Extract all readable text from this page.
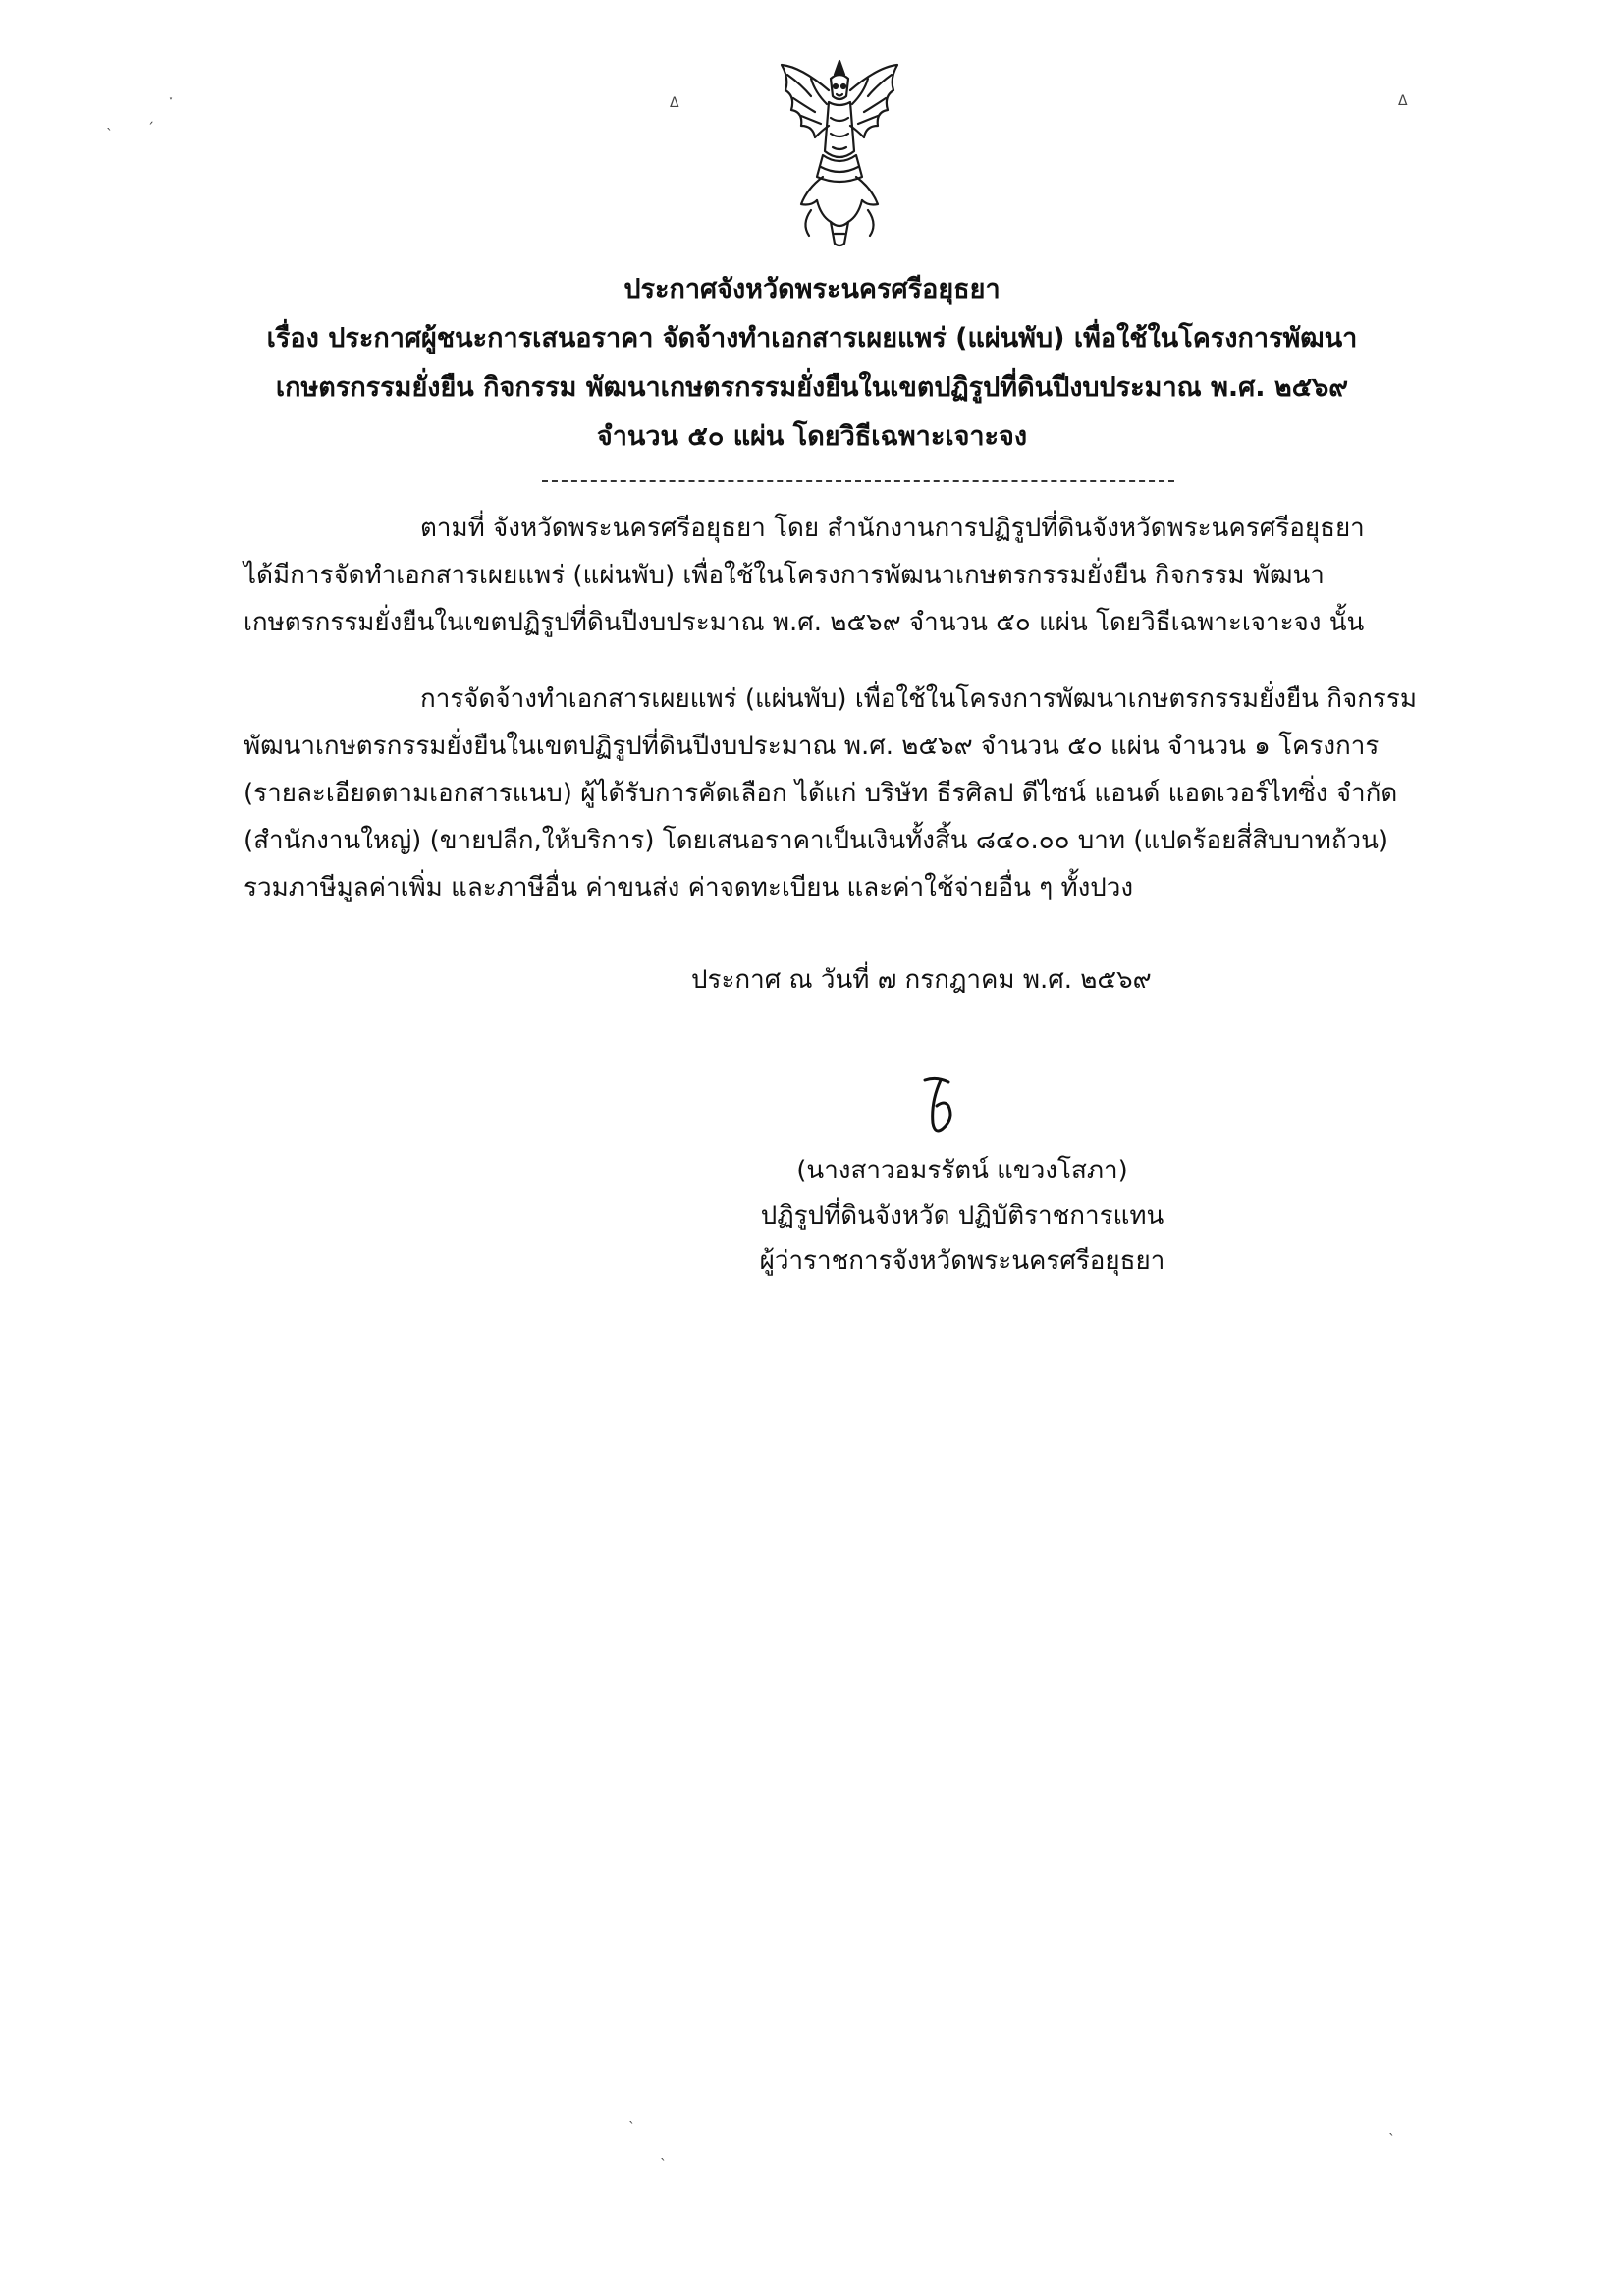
ˎ	ˏ
ˑ	ᐃ	ᐃ
ˎ
ˎ
ˎ
ประกาศจังหวัดพระนครศรีอยุธยา
เรื่อง ประกาศผู้ชนะการเสนอราคา จัดจ้างทำเอกสารเผยแพร่ (แผ่นพับ) เพื่อใช้ในโครงการพัฒนา
เกษตรกรรมยั่งยืน กิจกรรม พัฒนาเกษตรกรรมยั่งยืนในเขตปฏิรูปที่ดินปีงบประมาณ พ.ศ. ๒๕๖๙
จำนวน ๕๐ แผ่น โดยวิธีเฉพาะเจาะจง
ตามที่ จังหวัดพระนครศรีอยุธยา โดย สำนักงานการปฏิรูปที่ดินจังหวัดพระนครศรีอยุธยา
ได้มีการจัดทำเอกสารเผยแพร่ (แผ่นพับ) เพื่อใช้ในโครงการพัฒนาเกษตรกรรมยั่งยืน กิจกรรม พัฒนา
เกษตรกรรมยั่งยืนในเขตปฏิรูปที่ดินปีงบประมาณ พ.ศ. ๒๕๖๙ จำนวน ๕๐ แผ่น โดยวิธีเฉพาะเจาะจง นั้น
การจัดจ้างทำเอกสารเผยแพร่ (แผ่นพับ) เพื่อใช้ในโครงการพัฒนาเกษตรกรรมยั่งยืน กิจกรรม
พัฒนาเกษตรกรรมยั่งยืนในเขตปฏิรูปที่ดินปีงบประมาณ พ.ศ. ๒๕๖๙ จำนวน ๕๐ แผ่น จำนวน ๑ โครงการ
(รายละเอียดตามเอกสารแนบ) ผู้ได้รับการคัดเลือก ได้แก่ บริษัท ธีรศิลป ดีไซน์ แอนด์ แอดเวอร์ไทซิ่ง จำกัด
(สำนักงานใหญ่) (ขายปลีก,ให้บริการ) โดยเสนอราคาเป็นเงินทั้งสิ้น ๘๔๐.๐๐ บาท (แปดร้อยสี่สิบบาทถ้วน)
รวมภาษีมูลค่าเพิ่ม และภาษีอื่น ค่าขนส่ง ค่าจดทะเบียน และค่าใช้จ่ายอื่น ๆ ทั้งปวง
ประกาศ ณ วันที่ ๗ กรกฎาคม พ.ศ. ๒๕๖๙
(นางสาวอมรรัตน์ แขวงโสภา)
ปฏิรูปที่ดินจังหวัด ปฏิบัติราชการแทน
ผู้ว่าราชการจังหวัดพระนครศรีอยุธยา
